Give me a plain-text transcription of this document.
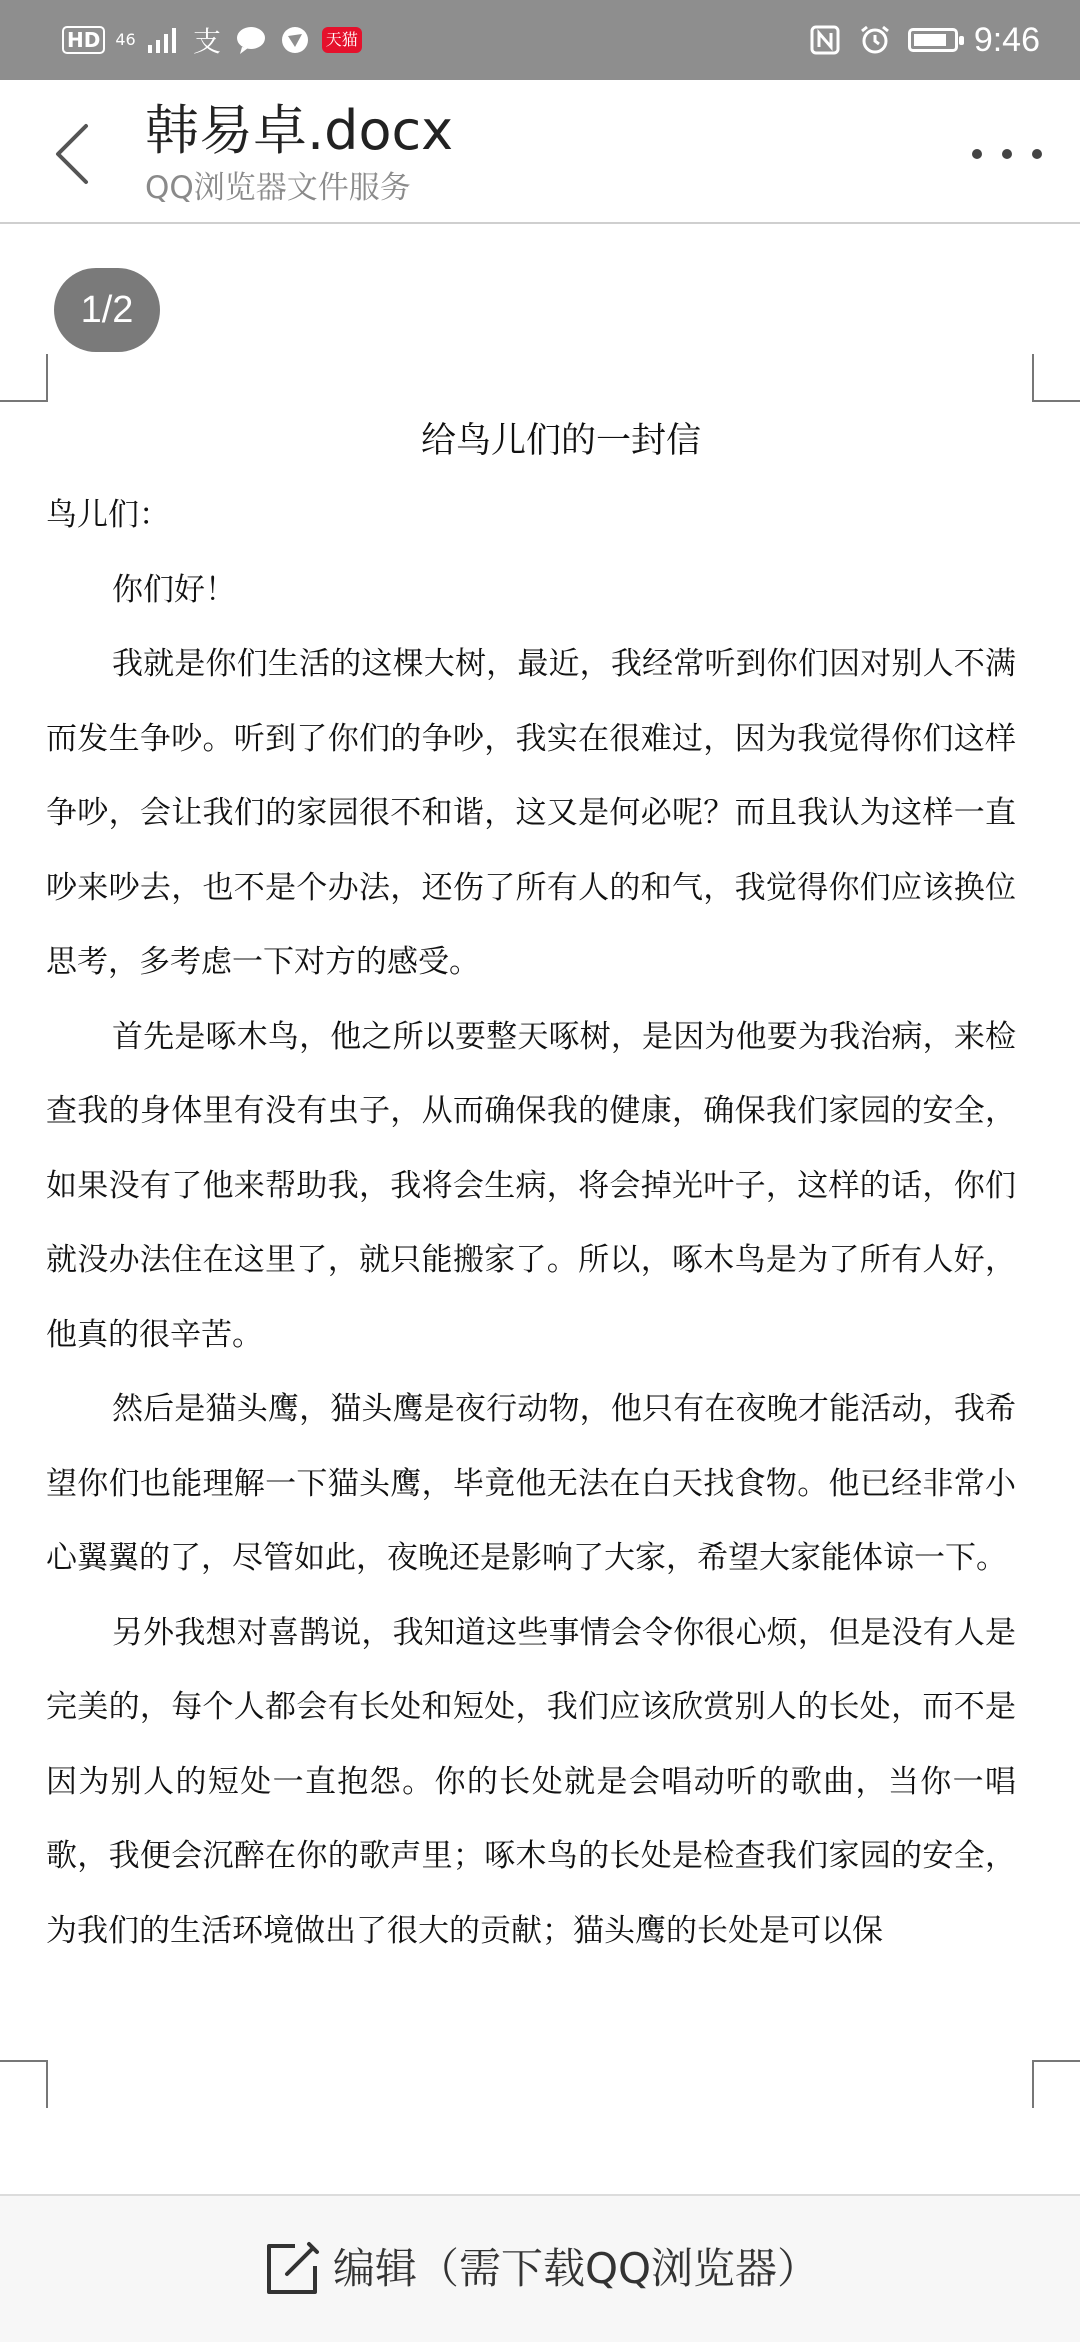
HD 46 支	天猫	9:46
韩易卓.docx
QQ浏览器文件服务
1/2

给鸟儿们的一封信

鸟儿们：

你们好！

我就是你们生活的这棵大树，最近，我经常听到你们因对别人不满而发生争吵。听到了你们的争吵，我实在很难过，因为我觉得你们这样争吵，会让我们的家园很不和谐，这又是何必呢？而且我认为这样一直吵来吵去，也不是个办法，还伤了所有人的和气，我觉得你们应该换位思考，多考虑一下对方的感受。

首先是啄木鸟，他之所以要整天啄树，是因为他要为我治病，来检查我的身体里有没有虫子，从而确保我的健康，确保我们家园的安全，如果没有了他来帮助我，我将会生病，将会掉光叶子，这样的话，你们就没办法住在这里了，就只能搬家了。所以，啄木鸟是为了所有人好，他真的很辛苦。

然后是猫头鹰，猫头鹰是夜行动物，他只有在夜晚才能活动，我希望你们也能理解一下猫头鹰，毕竟他无法在白天找食物。他已经非常小心翼翼的了，尽管如此，夜晚还是影响了大家，希望大家能体谅一下。

另外我想对喜鹊说，我知道这些事情会令你很心烦，但是没有人是完美的，每个人都会有长处和短处，我们应该欣赏别人的长处，而不是因为别人的短处一直抱怨。你的长处就是会唱动听的歌曲，当你一唱歌，我便会沉醉在你的歌声里；啄木鸟的长处是检查我们家园的安全，为我们的生活环境做出了很大的贡献；猫头鹰的长处是可以保

编辑（需下载QQ浏览器）
